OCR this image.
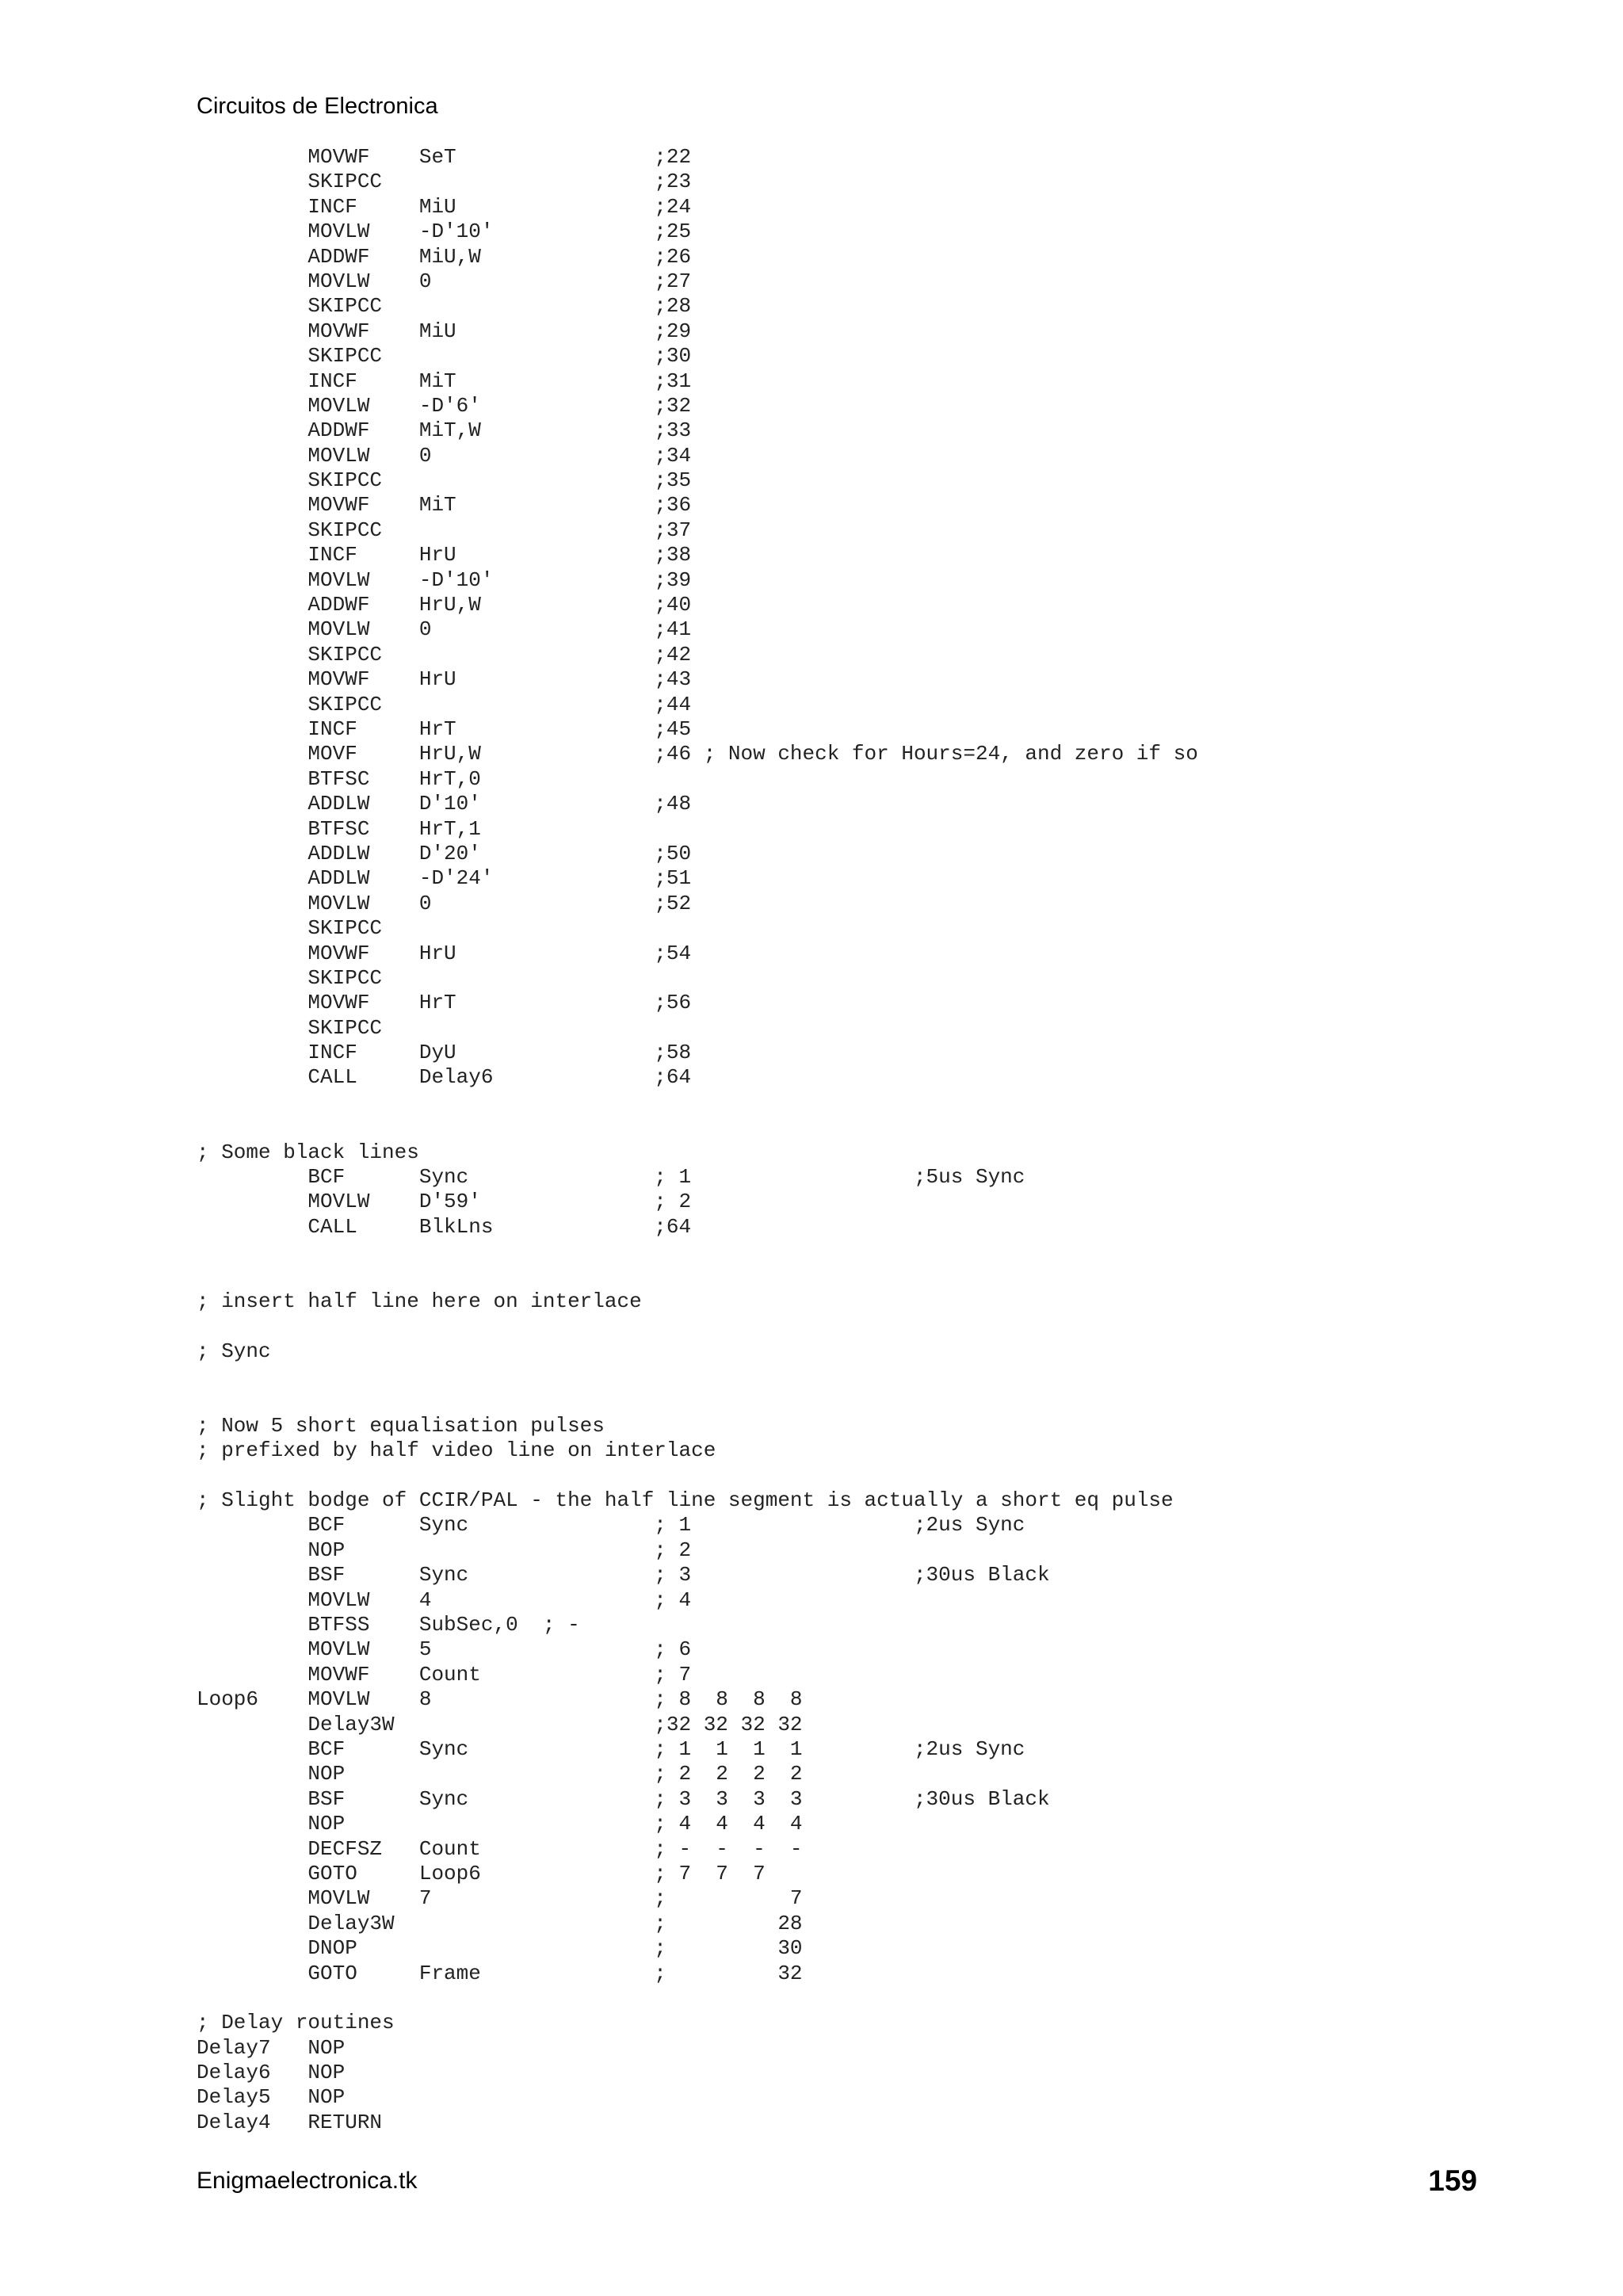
Circuitos de Electronica
MOVWF    SeT                ;22
SKIPCC                      ;23
INCF     MiU                ;24
MOVLW    -D'10'             ;25
ADDWF    MiU,W              ;26
MOVLW    0                  ;27
SKIPCC                      ;28
MOVWF    MiU                ;29
SKIPCC                      ;30
INCF     MiT                ;31
MOVLW    -D'6'              ;32
ADDWF    MiT,W              ;33
MOVLW    0                  ;34
SKIPCC                      ;35
MOVWF    MiT                ;36
SKIPCC                      ;37
INCF     HrU                ;38
MOVLW    -D'10'             ;39
ADDWF    HrU,W              ;40
MOVLW    0                  ;41
SKIPCC                      ;42
MOVWF    HrU                ;43
SKIPCC                      ;44
INCF     HrT                ;45
MOVF     HrU,W              ;46 ; Now check for Hours=24, and zero if so
BTFSC    HrT,0
ADDLW    D'10'              ;48
BTFSC    HrT,1
ADDLW    D'20'              ;50
ADDLW    -D'24'             ;51
MOVLW    0                  ;52
SKIPCC
MOVWF    HrU                ;54
SKIPCC
MOVWF    HrT                ;56
SKIPCC
INCF     DyU                ;58
CALL     Delay6             ;64
; Some black lines
BCF      Sync               ; 1                  ;5us Sync
MOVLW    D'59'              ; 2
CALL     BlkLns             ;64
; insert half line here on interlace
; Sync
; Now 5 short equalisation pulses
; prefixed by half video line on interlace
; Slight bodge of CCIR/PAL - the half line segment is actually a short eq pulse
BCF      Sync               ; 1                  ;2us Sync
NOP                         ; 2
BSF      Sync               ; 3                  ;30us Black
MOVLW    4                  ; 4
BTFSS    SubSec,0  ; -
MOVLW    5                  ; 6
MOVWF    Count              ; 7
Loop6    MOVLW    8                  ; 8  8  8  8
Delay3W                     ;32 32 32 32
BCF      Sync               ; 1  1  1  1         ;2us Sync
NOP                         ; 2  2  2  2
BSF      Sync               ; 3  3  3  3         ;30us Black
NOP                         ; 4  4  4  4
DECFSZ   Count              ; -  -  -  -
GOTO     Loop6              ; 7  7  7
MOVLW    7                  ;          7
Delay3W                     ;         28
DNOP                        ;         30
GOTO     Frame              ;         32
; Delay routines
Delay7   NOP
Delay6   NOP
Delay5   NOP
Delay4   RETURN
Enigmaelectronica.tk	159
